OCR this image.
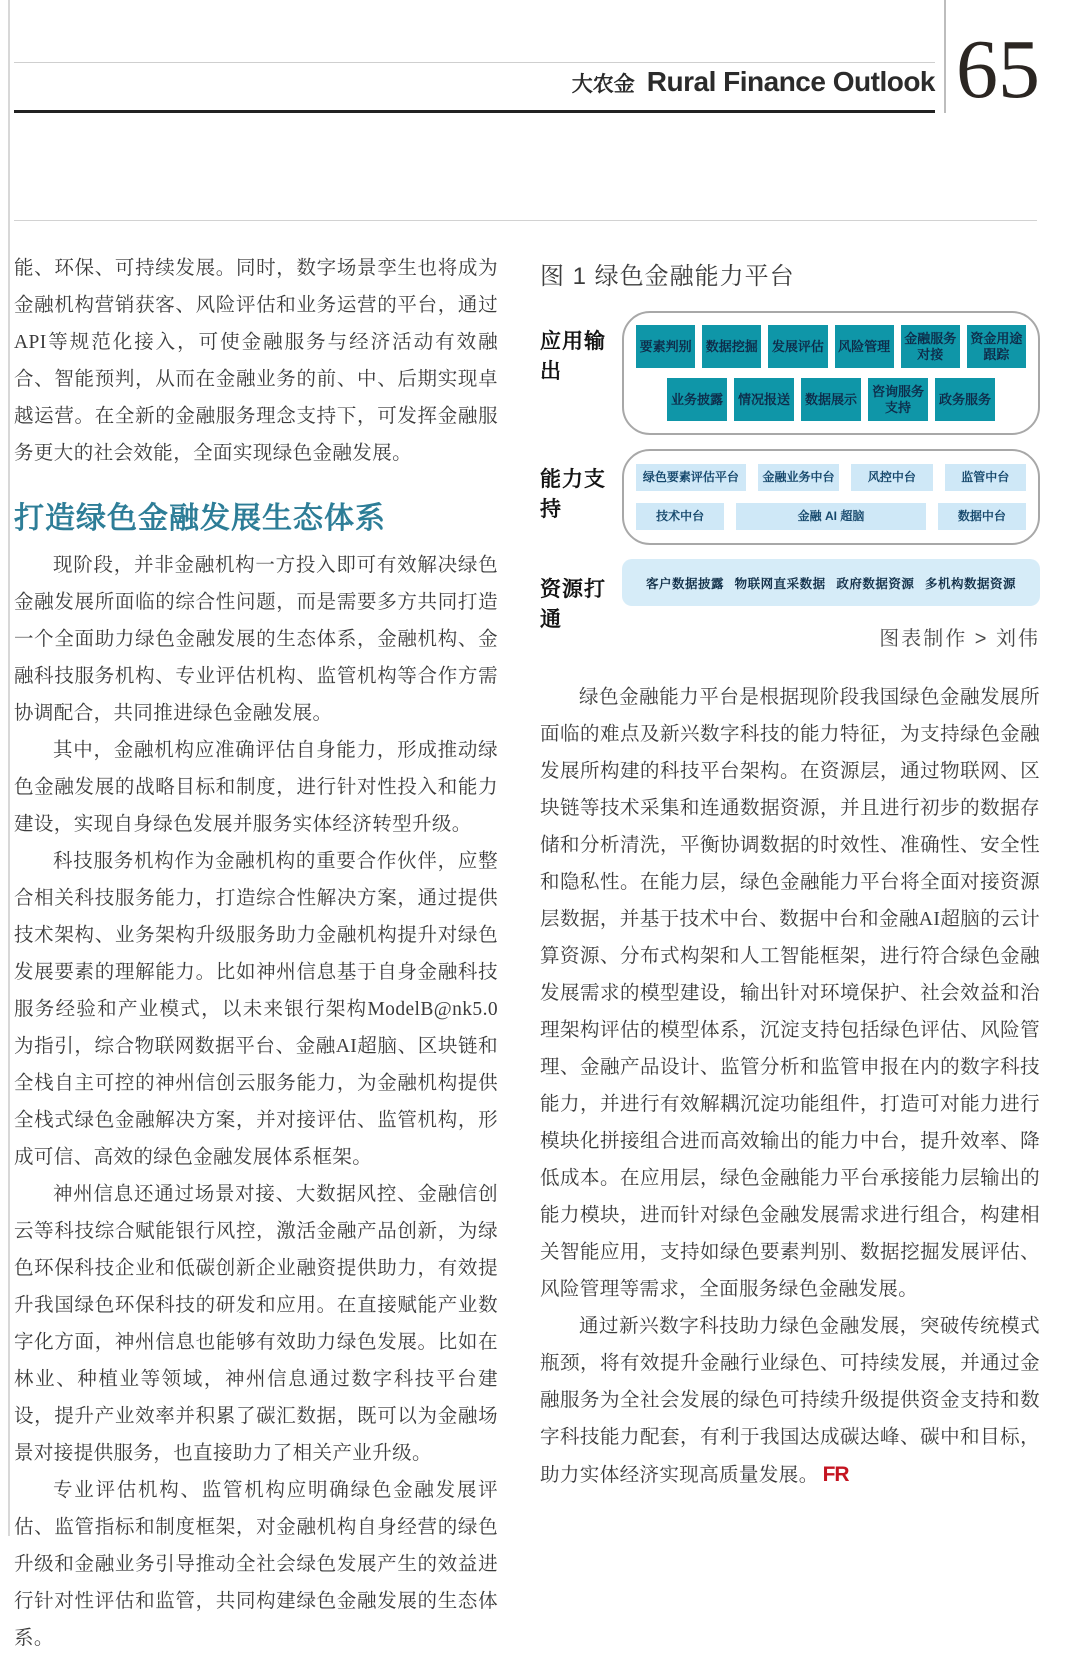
大农金 Rural Finance Outlook 65

能、环保、可持续发展。同时，数字场景孪生也将成为金融机构营销获客、风险评估和业务运营的平台，通过API等规范化接入，可使金融服务与经济活动有效融合、智能预判，从而在金融业务的前、中、后期实现卓越运营。在全新的金融服务理念支持下，可发挥金融服务更大的社会效能，全面实现绿色金融发展。

打造绿色金融发展生态体系

现阶段，并非金融机构一方投入即可有效解决绿色金融发展所面临的综合性问题，而是需要多方共同打造一个全面助力绿色金融发展的生态体系，金融机构、金融科技服务机构、专业评估机构、监管机构等合作方需协调配合，共同推进绿色金融发展。

其中，金融机构应准确评估自身能力，形成推动绿色金融发展的战略目标和制度，进行针对性投入和能力建设，实现自身绿色发展并服务实体经济转型升级。

科技服务机构作为金融机构的重要合作伙伴，应整合相关科技服务能力，打造综合性解决方案，通过提供技术架构、业务架构升级服务助力金融机构提升对绿色发展要素的理解能力。比如神州信息基于自身金融科技服务经验和产业模式，以未来银行架构ModelB@nk5.0为指引，综合物联网数据平台、金融AI超脑、区块链和全栈自主可控的神州信创云服务能力，为金融机构提供全栈式绿色金融解决方案，并对接评估、监管机构，形成可信、高效的绿色金融发展体系框架。

神州信息还通过场景对接、大数据风控、金融信创云等科技综合赋能银行风控，激活金融产品创新，为绿色环保科技企业和低碳创新企业融资提供助力，有效提升我国绿色环保科技的研发和应用。在直接赋能产业数字化方面，神州信息也能够有效助力绿色发展。比如在林业、种植业等领域，神州信息通过数字科技平台建设，提升产业效率并积累了碳汇数据，既可以为金融场景对接提供服务，也直接助力了相关产业升级。

专业评估机构、监管机构应明确绿色金融发展评估、监管指标和制度框架，对金融机构自身经营的绿色升级和金融业务引导推动全社会绿色发展产生的效益进行针对性评估和监管，共同构建绿色金融发展的生态体系。

图 1 绿色金融能力平台
应用输出
要素判别 数据挖掘 发展评估 风险管理
金融服务对接
资金用途跟踪
业务披露	情况报送	数据展示
咨询服务支持
政务服务
能力支持
绿色要素评估平台	金融业务中台	风控中台	监管中台
技术中台	金融 AI 超脑	数据中台
资源打通
客户数据披露 物联网直采数据 政府数据资源 多机构数据资源
图表制作 > 刘伟

绿色金融能力平台是根据现阶段我国绿色金融发展所面临的难点及新兴数字科技的能力特征，为支持绿色金融发展所构建的科技平台架构。在资源层，通过物联网、区块链等技术采集和连通数据资源，并且进行初步的数据存储和分析清洗，平衡协调数据的时效性、准确性、安全性和隐私性。在能力层，绿色金融能力平台将全面对接资源层数据，并基于技术中台、数据中台和金融AI超脑的云计算资源、分布式构架和人工智能框架，进行符合绿色金融发展需求的模型建设，输出针对环境保护、社会效益和治理架构评估的模型体系，沉淀支持包括绿色评估、风险管理、金融产品设计、监管分析和监管申报在内的数字科技能力，并进行有效解耦沉淀功能组件，打造可对能力进行模块化拼接组合进而高效输出的能力中台，提升效率、降低成本。在应用层，绿色金融能力平台承接能力层输出的能力模块，进而针对绿色金融发展需求进行组合，构建相关智能应用，支持如绿色要素判别、数据挖掘发展评估、风险管理等需求，全面服务绿色金融发展。

通过新兴数字科技助力绿色金融发展，突破传统模式瓶颈，将有效提升金融行业绿色、可持续发展，并通过金融服务为全社会发展的绿色可持续升级提供资金支持和数字科技能力配套，有利于我国达成碳达峰、碳中和目标，助力实体经济实现高质量发展。 FR
